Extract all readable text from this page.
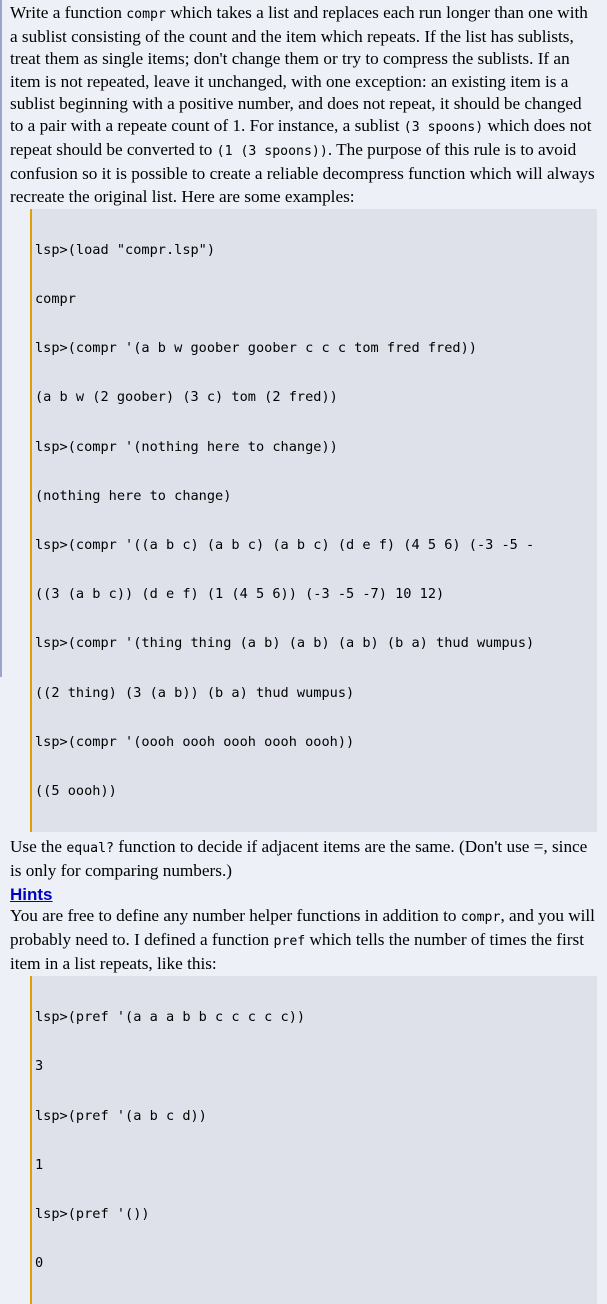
Write a function compr which takes a list and replaces each run longer than one with a sublist consisting of the count and the item which repeats. If the list has sublists, treat them as single items; don't change them or try to compress the sublists. If an item is not repeated, leave it unchanged, with one exception: an existing item is a sublist beginning with a positive number, and does not repeat, it should be changed to a pair with a repeate count of 1. For instance, a sublist (3 spoons) which does not repeat should be converted to (1 (3 spoons)). The purpose of this rule is to avoid confusion so it is possible to create a reliable decompress function which will always recreate the original list. Here are some examples:

lsp>(load "compr.lsp")

compr

lsp>(compr '(a b w goober goober c c c tom fred fred))

(a b w (2 goober) (3 c) tom (2 fred))

lsp>(compr '(nothing here to change))

(nothing here to change)

lsp>(compr '((a b c) (a b c) (a b c) (d e f) (4 5 6) (-3 -5 -

((3 (a b c)) (d e f) (1 (4 5 6)) (-3 -5 -7) 10 12)

lsp>(compr '(thing thing (a b) (a b) (a b) (b a) thud wumpus)

((2 thing) (3 (a b)) (b a) thud wumpus)

lsp>(compr '(oooh oooh oooh oooh oooh))

((5 oooh))

Use the equal? function to decide if adjacent items are the same. (Don't use =, since is only for comparing numbers.)

Hints

You are free to define any number helper functions in addition to compr, and you will probably need to. I defined a function pref which tells the number of times the first item in a list repeats, like this:

lsp>(pref '(a a a b b c c c c c))

3

lsp>(pref '(a b c d))

1

lsp>(pref '())

0
